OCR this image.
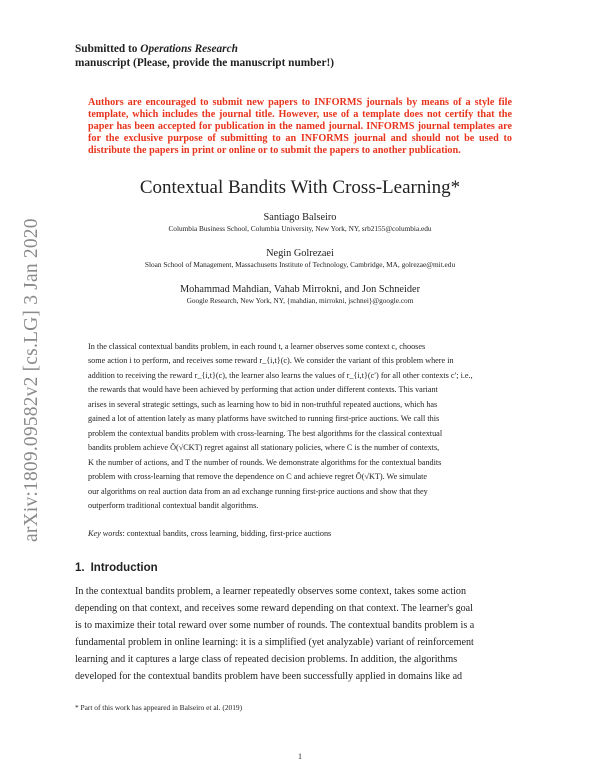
arXiv:1809.09582v2 [cs.LG] 3 Jan 2020
Submitted to Operations Research
manuscript (Please, provide the manuscript number!)
Authors are encouraged to submit new papers to INFORMS journals by means of a style file template, which includes the journal title. However, use of a template does not certify that the paper has been accepted for publication in the named journal. INFORMS journal templates are for the exclusive purpose of submitting to an INFORMS journal and should not be used to distribute the papers in print or online or to submit the papers to another publication.
Contextual Bandits With Cross-Learning*
Santiago Balseiro
Columbia Business School, Columbia University, New York, NY, srb2155@columbia.edu
Negin Golrezaei
Sloan School of Management, Massachusetts Institute of Technology, Cambridge, MA, golrezae@mit.edu
Mohammad Mahdian, Vahab Mirrokni, and Jon Schneider
Google Research, New York, NY, {mahdian, mirrokni, jschnei}@google.com
In the classical contextual bandits problem, in each round t, a learner observes some context c, chooses
some action i to perform, and receives some reward r_{i,t}(c). We consider the variant of this problem where in
addition to receiving the reward r_{i,t}(c), the learner also learns the values of r_{i,t}(c′) for all other contexts c′; i.e.,
the rewards that would have been achieved by performing that action under different contexts. This variant
arises in several strategic settings, such as learning how to bid in non-truthful repeated auctions, which has
gained a lot of attention lately as many platforms have switched to running first-price auctions. We call this
problem the contextual bandits problem with cross-learning. The best algorithms for the classical contextual
bandits problem achieve Õ(√CKT) regret against all stationary policies, where C is the number of contexts,
K the number of actions, and T the number of rounds. We demonstrate algorithms for the contextual bandits
problem with cross-learning that remove the dependence on C and achieve regret Õ(√KT). We simulate
our algorithms on real auction data from an ad exchange running first-price auctions and show that they
outperform traditional contextual bandit algorithms.
Key words: contextual bandits, cross learning, bidding, first-price auctions
1. Introduction
In the contextual bandits problem, a learner repeatedly observes some context, takes some action
depending on that context, and receives some reward depending on that context. The learner's goal
is to maximize their total reward over some number of rounds. The contextual bandits problem is a
fundamental problem in online learning: it is a simplified (yet analyzable) variant of reinforcement
learning and it captures a large class of repeated decision problems. In addition, the algorithms
developed for the contextual bandits problem have been successfully applied in domains like ad
* Part of this work has appeared in Balseiro et al. (2019)
1
